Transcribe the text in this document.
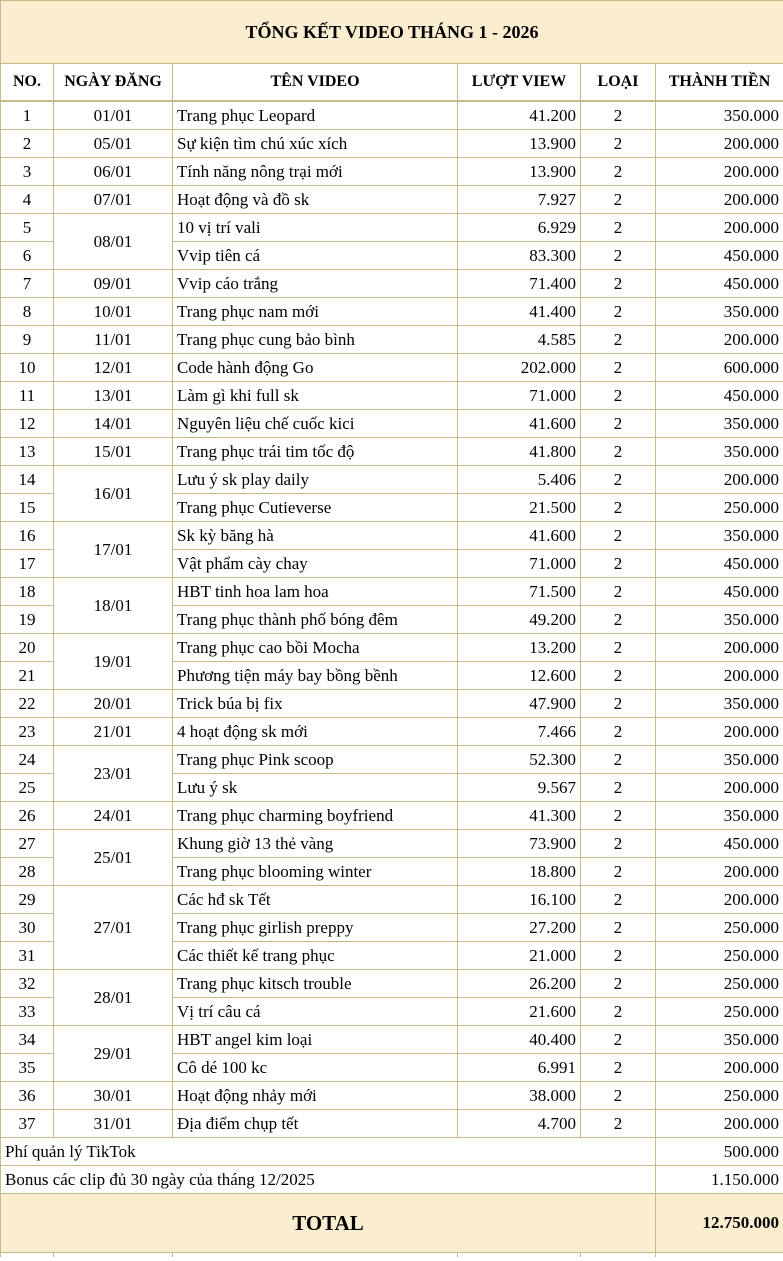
TỔNG KẾT VIDEO THÁNG 1 - 2026					
NO.	NGÀY ĐĂNG	TÊN VIDEO	LƯỢT VIEW	LOẠI	THÀNH TIỀN
1	01/01	Trang phục Leopard	41.200	2	350.000
2	05/01	Sự kiện tìm chú xúc xích	13.900	2	200.000
3	06/01	Tính năng nông trại mới	13.900	2	200.000
4	07/01	Hoạt động và đồ sk	7.927	2	200.000
5	08/01	10 vị trí vali	6.929	2	200.000
6		Vvip tiên cá	83.300	2	450.000
7	09/01	Vvip cáo trắng	71.400	2	450.000
8	10/01	Trang phục nam mới	41.400	2	350.000
9	11/01	Trang phục cung bảo bình	4.585	2	200.000
10	12/01	Code hành động Go	202.000	2	600.000
11	13/01	Làm gì khi full sk	71.000	2	450.000
12	14/01	Nguyên liệu chế cuốc kici	41.600	2	350.000
13	15/01	Trang phục trái tim tốc độ	41.800	2	350.000
14	16/01	Lưu ý sk play daily	5.406	2	200.000
15		Trang phục Cutieverse	21.500	2	250.000
16	17/01	Sk kỳ băng hà	41.600	2	350.000
17		Vật phẩm cày chay	71.000	2	450.000
18	18/01	HBT tinh hoa lam hoa	71.500	2	450.000
19		Trang phục thành phố bóng đêm	49.200	2	350.000
20	19/01	Trang phục cao bồi Mocha	13.200	2	200.000
21		Phương tiện máy bay bồng bềnh	12.600	2	200.000
22	20/01	Trick búa bị fix	47.900	2	350.000
23	21/01	4 hoạt động sk mới	7.466	2	200.000
24	23/01	Trang phục Pink scoop	52.300	2	350.000
25		Lưu ý sk	9.567	2	200.000
26	24/01	Trang phục charming boyfriend	41.300	2	350.000
27	25/01	Khung giờ 13 thẻ vàng	73.900	2	450.000
28		Trang phục blooming winter	18.800	2	200.000
29	27/01	Các hđ sk Tết	16.100	2	200.000
30		Trang phục girlish preppy	27.200	2	250.000
31		Các thiết kế trang phục	21.000	2	250.000
32	28/01	Trang phục kitsch trouble	26.200	2	250.000
33		Vị trí câu cá	21.600	2	250.000
34	29/01	HBT angel kim loại	40.400	2	350.000
35		Cô dé 100 kc	6.991	2	200.000
36	30/01	Hoạt động nhảy mới	38.000	2	250.000
37	31/01	Địa điểm chụp tết	4.700	2	200.000
Phí quản lý TikTok					500.000
Bonus các clip đủ 30 ngày của tháng 12/2025					1.150.000
TOTAL					12.750.000
